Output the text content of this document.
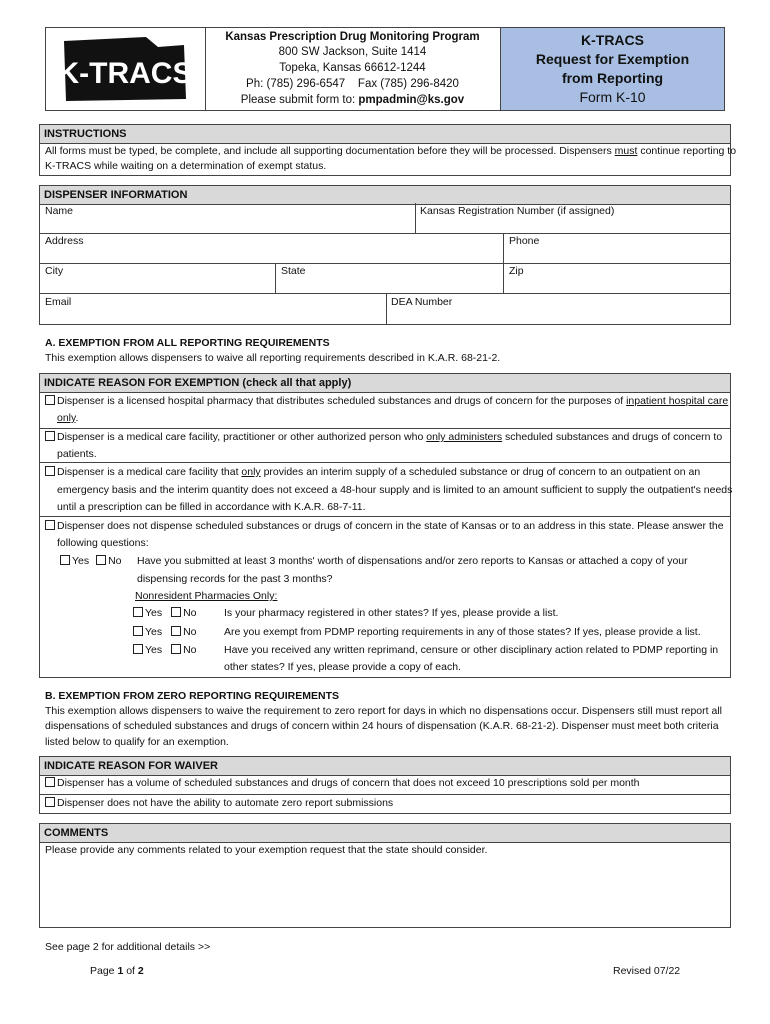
K-TRACS
Kansas Prescription Drug Monitoring Program
800 SW Jackson, Suite 1414
Topeka, Kansas 66612-1244
Ph: (785) 296-6547    Fax (785) 296-8420
Please submit form to: pmpadmin@ks.gov
K-TRACS
Request for Exemption
from Reporting
Form K-10
INSTRUCTIONS
All forms must be typed, be complete, and include all supporting documentation before they will be processed. Dispensers must continue reporting to
K-TRACS while waiting on a determination of exempt status.
DISPENSER INFORMATION
Name	Kansas Registration Number (if assigned)
Address	Phone
City	State	Zip
Email	DEA Number
A. EXEMPTION FROM ALL REPORTING REQUIREMENTS
This exemption allows dispensers to waive all reporting requirements described in K.A.R. 68-21-2.
INDICATE REASON FOR EXEMPTION (check all that apply)
Dispenser is a licensed hospital pharmacy that distributes scheduled substances and drugs of concern for the purposes of inpatient hospital care
only.
Dispenser is a medical care facility, practitioner or other authorized person who only administers scheduled substances and drugs of concern to
patients.
Dispenser is a medical care facility that only provides an interim supply of a scheduled substance or drug of concern to an outpatient on an
emergency basis and the interim quantity does not exceed a 48-hour supply and is limited to an amount sufficient to supply the outpatient's needs
until a prescription can be filled in accordance with K.A.R. 68-7-11.
Dispenser does not dispense scheduled substances or drugs of concern in the state of Kansas or to an address in this state. Please answer the
following questions:
Yes No Have you submitted at least 3 months' worth of dispensations and/or zero reports to Kansas or attached a copy of your
dispensing records for the past 3 months?
Nonresident Pharmacies Only:
Yes No	Is your pharmacy registered in other states? If yes, please provide a list.
Yes No	Are you exempt from PDMP reporting requirements in any of those states? If yes, please provide a list.
Yes No	Have you received any written reprimand, censure or other disciplinary action related to PDMP reporting in
other states? If yes, please provide a copy of each.
B. EXEMPTION FROM ZERO REPORTING REQUIREMENTS
This exemption allows dispensers to waive the requirement to zero report for days in which no dispensations occur. Dispensers still must report all
dispensations of scheduled substances and drugs of concern within 24 hours of dispensation (K.A.R. 68-21-2). Dispenser must meet both criteria
listed below to qualify for an exemption.
INDICATE REASON FOR WAIVER
Dispenser has a volume of scheduled substances and drugs of concern that does not exceed 10 prescriptions sold per month
Dispenser does not have the ability to automate zero report submissions
COMMENTS
Please provide any comments related to your exemption request that the state should consider.
See page 2 for additional details >>
Page 1 of 2	Revised 07/22
